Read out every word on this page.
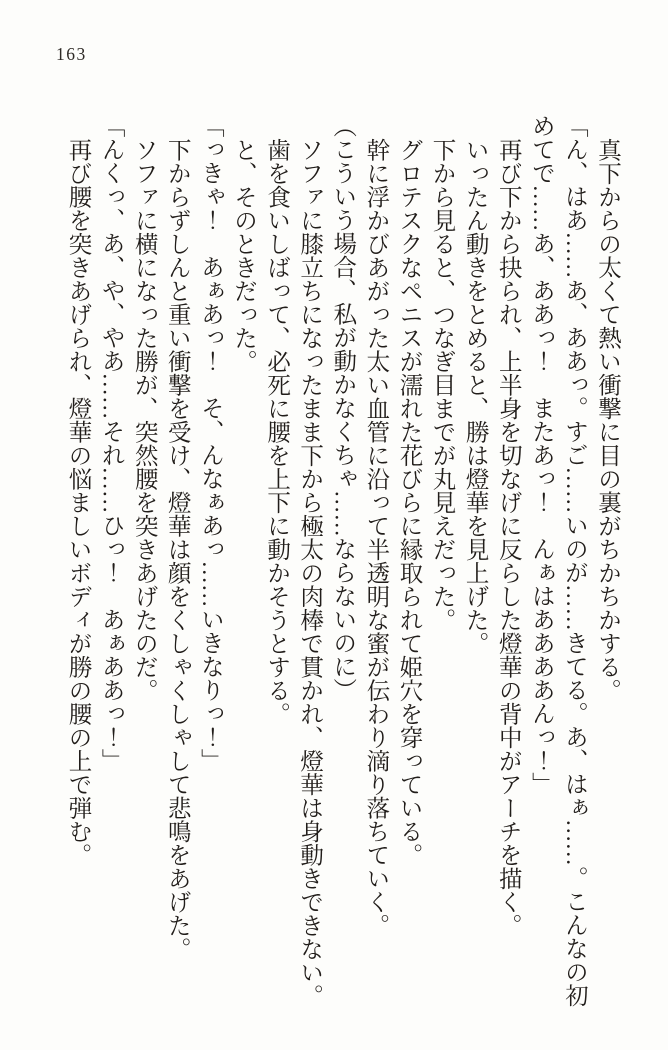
163

真下からの太くて熱い衝撃に目の裏がちかちかする。

「ん、はあ……あ、ああっ。すご……いのが……きてる。あ、はぁ……。こんなの初

めてで……あ、ああっ！　またあっ！　んぁはああああんっ！」

再び下から抉られ、上半身を切なげに反らした燈華の背中がアーチを描く。

いったん動きをとめると、勝は燈華を見上げた。

下から見ると、つなぎ目までが丸見えだった。

グロテスクなペニスが濡れた花びらに縁取られて姫穴を穿っている。

幹に浮かびあがった太い血管に沿って半透明な蜜が伝わり滴り落ちていく。

（こういう場合、私が動かなくちゃ……ならないのに）

ソファに膝立ちになったまま下から極太の肉棒で貫かれ、燈華は身動きできない。

歯を食いしばって、必死に腰を上下に動かそうとする。

と、そのときだった。

「っきゃ！　あぁあっ！　そ、んなぁあっ……いきなりっ！」

下からずしんと重い衝撃を受け、燈華は顔をくしゃくしゃして悲鳴をあげた。

ソファに横になった勝が、突然腰を突きあげたのだ。

「んくっ、あ、や、やあ……それ……ひっ！　あぁああっ！」

再び腰を突きあげられ、燈華の悩ましいボディが勝の腰の上で弾む。
